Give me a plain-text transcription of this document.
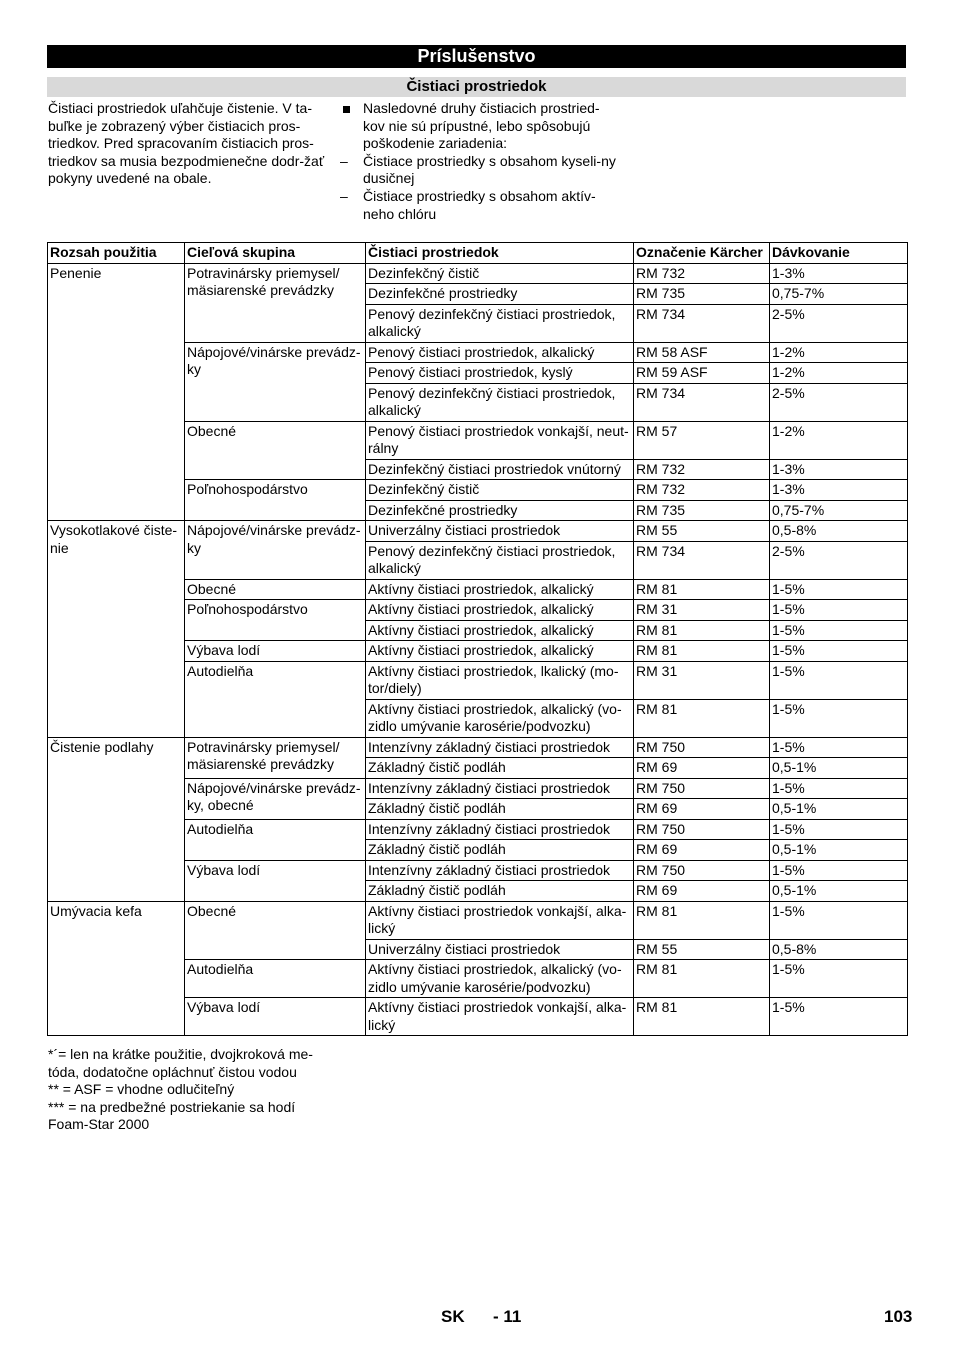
Príslušenstvo
Čistiaci prostriedok
Čistiaci prostriedok uľahčuje čistenie. V ta-buľke je zobrazený výber čistiacich pros-triedkov. Pred spracovaním čistiacich pros-triedkov sa musia bezpodmienečne dodr-žať pokyny uvedené na obale.
Nasledovné druhy čistiacich prostried-kov nie sú prípustné, lebo spôsobujú poškodenie zariadenia:
–	Čistiace prostriedky s obsahom kyseli-ny dusičnej
–	Čistiace prostriedky s obsahom aktív-neho chlóru
Rozsah použitia	Cieľová skupina	Čistiaci prostriedok	Označenie Kärcher	Dávkovanie
Penenie	Potravinársky priemysel/ mäsiarenské prevádzky	Dezinfekčný čistič	RM 732	1-3%
		Dezinfekčné prostriedky	RM 735	0,75-7%
		Penový dezinfekčný čistiaci prostriedok, alkalický	RM 734	2-5%
	Nápojové/vinárske prevádz-ky	Penový čistiaci prostriedok, alkalický	RM 58 ASF	1-2%
		Penový čistiaci prostriedok, kyslý	RM 59 ASF	1-2%
		Penový dezinfekčný čistiaci prostriedok, alkalický	RM 734	2-5%
	Obecné	Penový čistiaci prostriedok vonkajší, neut-rálny	RM 57	1-2%
		Dezinfekčný čistiaci prostriedok vnútorný	RM 732	1-3%
	Poľnohospodárstvo	Dezinfekčný čistič	RM 732	1-3%
		Dezinfekčné prostriedky	RM 735	0,75-7%
Vysokotlakové čiste-nie	Nápojové/vinárske prevádz-ky	Univerzálny čistiaci prostriedok	RM 55	0,5-8%
		Penový dezinfekčný čistiaci prostriedok, alkalický	RM 734	2-5%
	Obecné	Aktívny čistiaci prostriedok, alkalický	RM 81	1-5%
	Poľnohospodárstvo	Aktívny čistiaci prostriedok, alkalický	RM 31	1-5%
		Aktívny čistiaci prostriedok, alkalický	RM 81	1-5%
	Výbava lodí	Aktívny čistiaci prostriedok, alkalický	RM 81	1-5%
	Autodielňa	Aktívny čistiaci prostriedok, lkalický (mo-tor/diely)	RM 31	1-5%
		Aktívny čistiaci prostriedok, alkalický (vo-zidlo umývanie karosérie/podvozku)	RM 81	1-5%
Čistenie podlahy	Potravinársky priemysel/ mäsiarenské prevádzky	Intenzívny základný čistiaci prostriedok	RM 750	1-5%
		Základný čistič podláh	RM 69	0,5-1%
	Nápojové/vinárske prevádz-ky, obecné	Intenzívny základný čistiaci prostriedok	RM 750	1-5%
		Základný čistič podláh	RM 69	0,5-1%
	Autodielňa	Intenzívny základný čistiaci prostriedok	RM 750	1-5%
		Základný čistič podláh	RM 69	0,5-1%
	Výbava lodí	Intenzívny základný čistiaci prostriedok	RM 750	1-5%
		Základný čistič podláh	RM 69	0,5-1%
Umývacia kefa	Obecné	Aktívny čistiaci prostriedok vonkajší, alka-lický	RM 81	1-5%
		Univerzálny čistiaci prostriedok	RM 55	0,5-8%
	Autodielňa	Aktívny čistiaci prostriedok, alkalický (vo-zidlo umývanie karosérie/podvozku)	RM 81	1-5%
	Výbava lodí	Aktívny čistiaci prostriedok vonkajší, alka-lický	RM 81	1-5%
*´= len na krátke použitie, dvojkroková me-tóda, dodatočne opláchnuť čistou vodou
** = ASF = vhodne odlučiteľný
*** = na predbežné postriekanie sa hodí Foam-Star 2000
SK - 11	103
